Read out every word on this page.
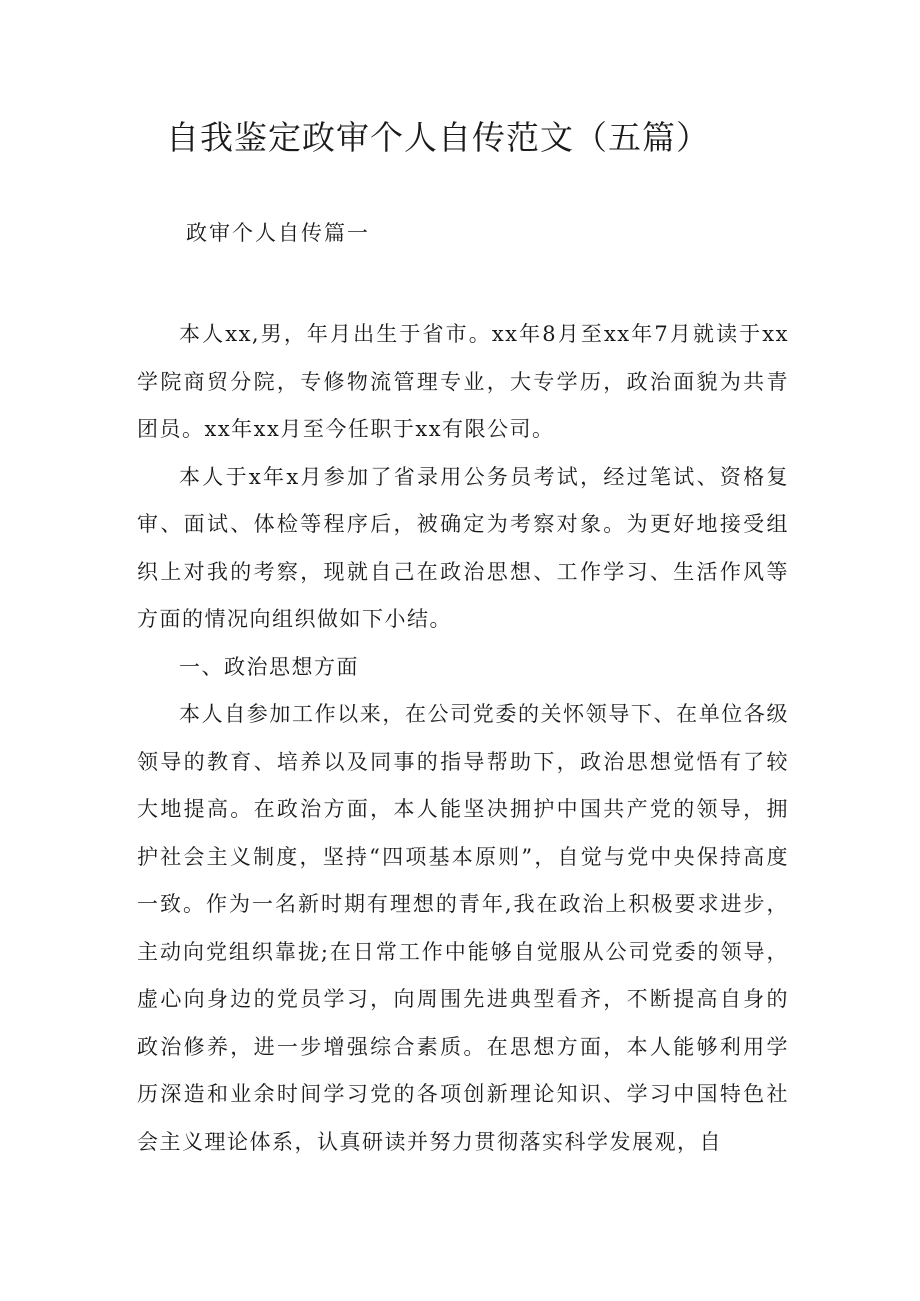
自我鉴定政审个人自传范文（五篇）

政审个人自传篇一

本人xx,男，年月出生于省市。xx年8月至xx年7月就读于xx学院商贸分院，专修物流管理专业，大专学历，政治面貌为共青团员。xx年xx月至今任职于xx有限公司。

本人于x年x月参加了省录用公务员考试，经过笔试、资格复审、面试、体检等程序后，被确定为考察对象。为更好地接受组织上对我的考察，现就自己在政治思想、工作学习、生活作风等方面的情况向组织做如下小结。

一、政治思想方面

本人自参加工作以来，在公司党委的关怀领导下、在单位各级领导的教育、培养以及同事的指导帮助下，政治思想觉悟有了较大地提高。在政治方面，本人能坚决拥护中国共产党的领导，拥护社会主义制度，坚持“四项基本原则”，自觉与党中央保持高度一致。作为一名新时期有理想的青年,我在政治上积极要求进步，主动向党组织靠拢;在日常工作中能够自觉服从公司党委的领导，虚心向身边的党员学习，向周围先进典型看齐，不断提高自身的政治修养，进一步增强综合素质。在思想方面，本人能够利用学历深造和业余时间学习党的各项创新理论知识、学习中国特色社会主义理论体系，认真研读并努力贯彻落实科学发展观，自
